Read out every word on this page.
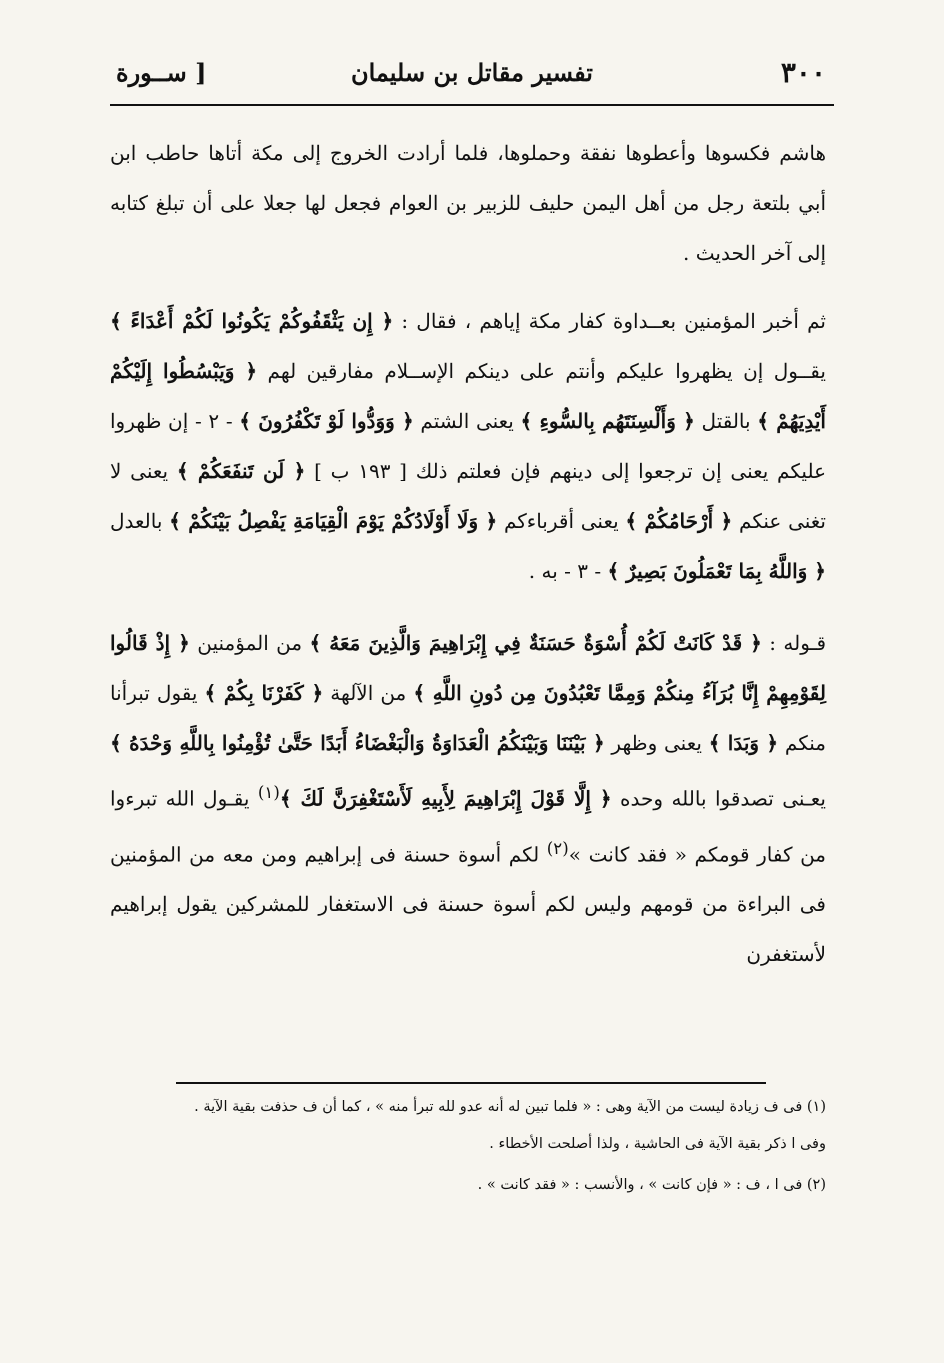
٣٠٠
تفسير مقاتل بن سليمان
[ ســورة

هاشم فكسوها وأعطوها نفقة وحملوها، فلما أرادت الخروج إلى مكة أتاها حاطب ابن أبي بلتعة رجل من أهل اليمن حليف للزبير بن العوام فجعل لها جعلا على أن تبلغ كتابه إلى آخر الحديث .

ثم أخبر المؤمنين بعــداوة كفار مكة إياهم ، فقال : ﴿ إِن يَثْقَفُوكُمْ يَكُونُوا لَكُمْ أَعْدَاءً ﴾ يقــول إن يظهروا عليكم وأنتم على دينكم الإســلام مفارقين لهم ﴿ وَيَبْسُطُوا إِلَيْكُمْ أَيْدِيَهُمْ ﴾ بالقتل ﴿ وَأَلْسِنَتَهُم بِالسُّوءِ ﴾ يعنى الشتم ﴿ وَوَدُّوا لَوْ تَكْفُرُونَ ﴾ - ٢ - إن ظهروا عليكم يعنى إن ترجعوا إلى دينهم فإن فعلتم ذلك [ ١٩٣ ب ] ﴿ لَن تَنفَعَكُمْ ﴾ يعنى لا تغنى عنكم ﴿ أَرْحَامُكُمْ ﴾ يعنى أقرباءكم ﴿ وَلَا أَوْلَادُكُمْ يَوْمَ الْقِيَامَةِ يَفْصِلُ بَيْنَكُمْ ﴾ بالعدل ﴿ وَاللَّهُ بِمَا تَعْمَلُونَ بَصِيرٌ ﴾ - ٣ - به .

قـوله : ﴿ قَدْ كَانَتْ لَكُمْ أُسْوَةٌ حَسَنَةٌ فِي إِبْرَاهِيمَ وَالَّذِينَ مَعَهُ ﴾ من المؤمنين ﴿ إِذْ قَالُوا لِقَوْمِهِمْ إِنَّا بُرَآءُ مِنكُمْ وَمِمَّا تَعْبُدُونَ مِن دُونِ اللَّهِ ﴾ من الآلهة ﴿ كَفَرْنَا بِكُمْ ﴾ يقول تبرأنا منكم ﴿ وَبَدَا ﴾ يعنى وظهر ﴿ بَيْنَنَا وَبَيْنَكُمُ الْعَدَاوَةُ وَالْبَغْضَاءُ أَبَدًا حَتَّىٰ تُؤْمِنُوا بِاللَّهِ وَحْدَهُ ﴾ يعـنى تصدقوا بالله وحده ﴿ إِلَّا قَوْلَ إِبْرَاهِيمَ لِأَبِيهِ لَأَسْتَغْفِرَنَّ لَكَ ﴾$^{(١)}$ يقـول الله تبرءوا من كفار قومكم « فقد كانت »$^{(٢)}$ لكم أسوة حسنة فى إبراهيم ومن معه من المؤمنين فى البراءة من قومهم وليس لكم أسوة حسنة فى الاستغفار للمشركين يقول إبراهيم لأستغفرن

(١) فى ف زيادة ليست من الآية وهى : « فلما تبين له أنه عدو لله تبرأ منه » ، كما أن ف حذفت بقية الآية .

وفى ا ذكر بقية الآية فى الحاشية ، ولذا أصلحت الأخطاء .

(٢) فى ا ، ف : « فإن كانت » ، والأنسب : « فقد كانت » .
